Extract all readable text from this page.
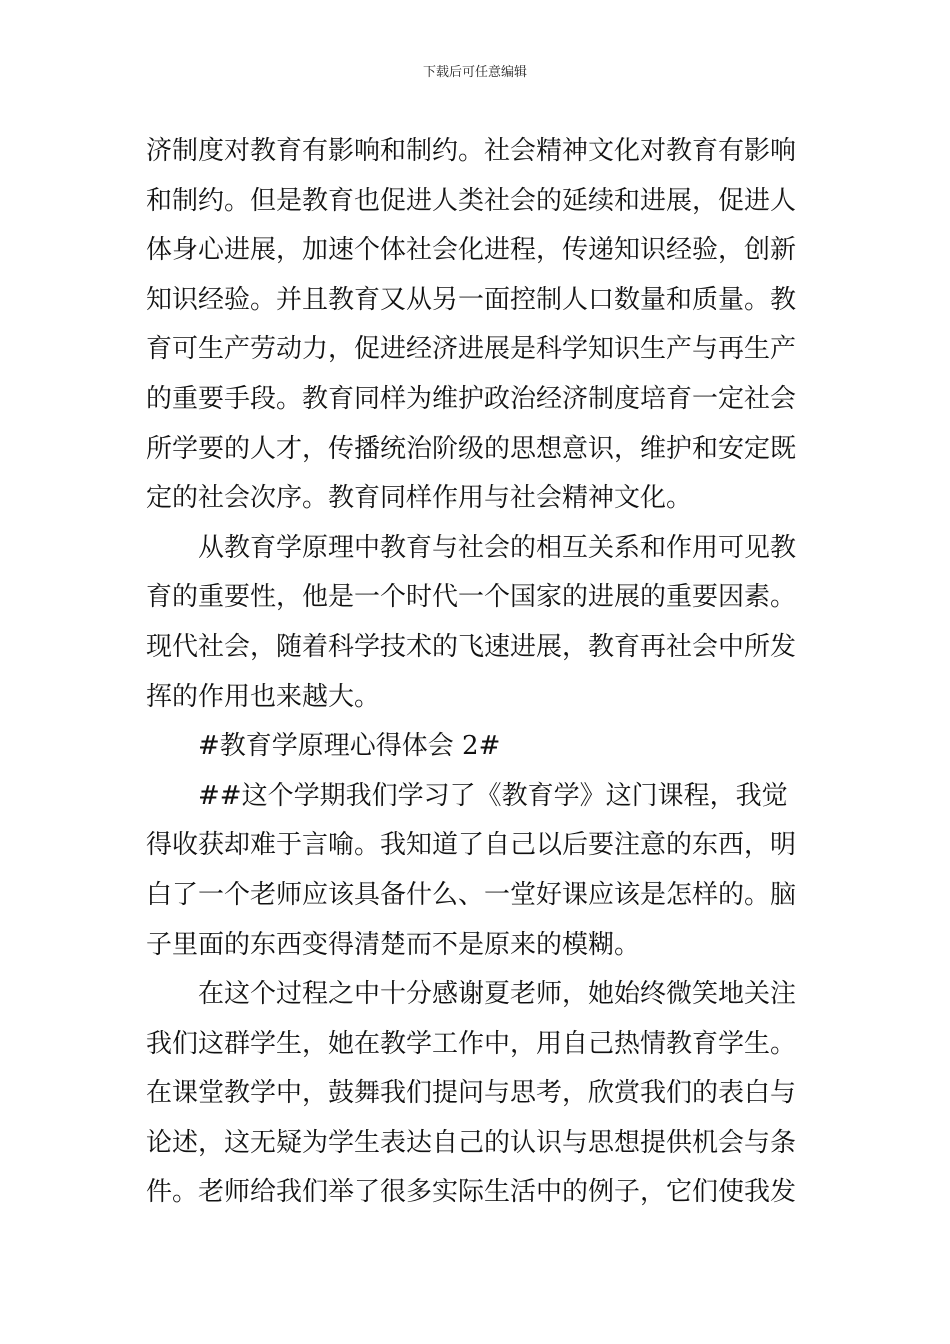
下载后可任意编辑

济制度对教育有影响和制约。社会精神文化对教育有影响和制约。但是教育也促进人类社会的延续和进展，促进人体身心进展，加速个体社会化进程，传递知识经验，创新知识经验。并且教育又从另一面控制人口数量和质量。教育可生产劳动力，促进经济进展是科学知识生产与再生产的重要手段。教育同样为维护政治经济制度培育一定社会所学要的人才，传播统治阶级的思想意识，维护和安定既定的社会次序。教育同样作用与社会精神文化。

从教育学原理中教育与社会的相互关系和作用可见教育的重要性，他是一个时代一个国家的进展的重要因素。现代社会，随着科学技术的飞速进展，教育再社会中所发挥的作用也来越大。

#教育学原理心得体会 2#

##这个学期我们学习了《教育学》这门课程，我觉得收获却难于言喻。我知道了自己以后要注意的东西，明白了一个老师应该具备什么、一堂好课应该是怎样的。脑子里面的东西变得清楚而不是原来的模糊。

在这个过程之中十分感谢夏老师，她始终微笑地关注我们这群学生，她在教学工作中，用自己热情教育学生。在课堂教学中，鼓舞我们提问与思考，欣赏我们的表白与论述，这无疑为学生表达自己的认识与思想提供机会与条件。老师给我们举了很多实际生活中的例子，它们使我发
